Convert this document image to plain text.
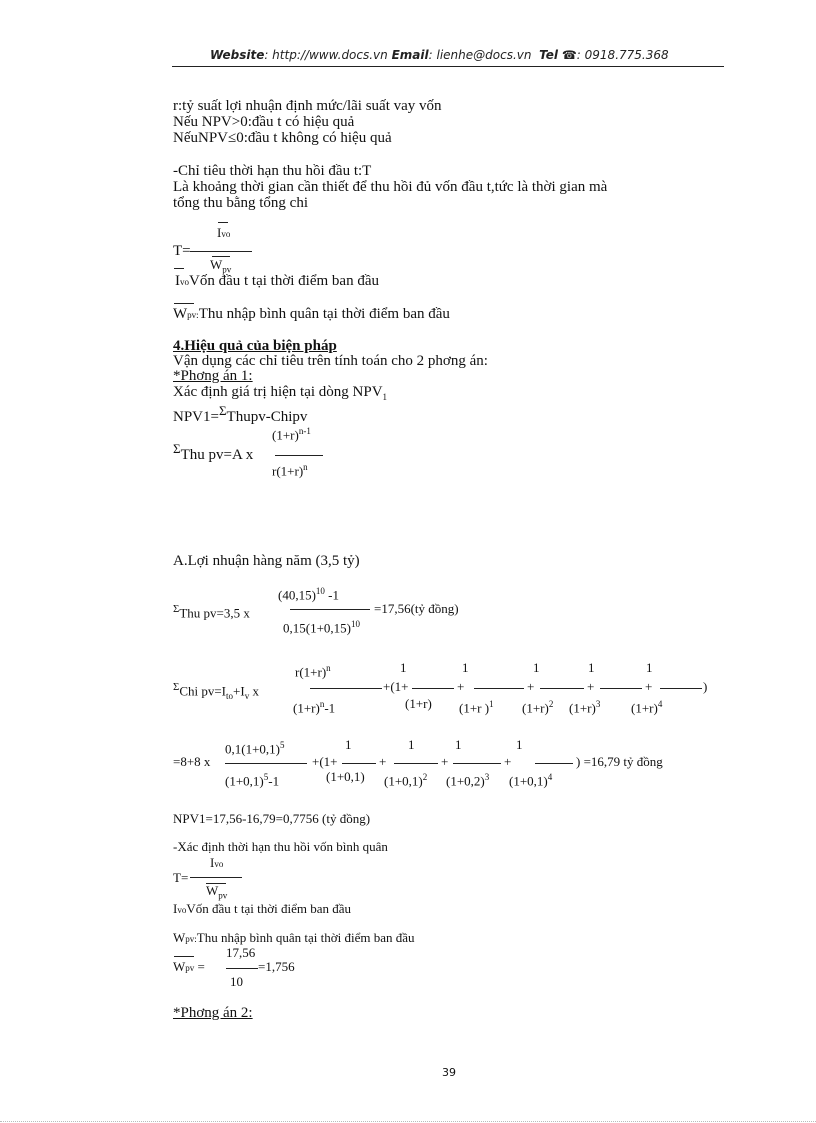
Website: http://www.docs.vn Email: lienhe@docs.vn Tel ☎: 0918.775.368
r:tỷ suất lợi nhuận định mức/lãi suất vay vốn
Nếu NPV>0:đầu t có hiệu quả
NếuNPV≤0:đầu t không có hiệu quả
-Chỉ tiêu thời hạn thu hồi đầu t:T
Là khoảng thời gian cần thiết để thu hồi đủ vốn đầu t,tức là thời gian mà
tổng thu bằng tổng chi
Ivo
T=
$W_{pv}$
IvoVốn đầu t tại thời điểm ban đầu
Wpv:Thu nhập bình quân tại thời điểm ban đầu
4.Hiệu quả của biện pháp
Vận dụng các chỉ tiêu trên tính toán cho 2 phơng án:
*Phơng án 1:
Xác định giá trị hiện tại dòng $NPV_1$
NPV1=$^\Sigma$Thupv-Chipv
$(1+r)^{n-1}$
$^\Sigma$Thu pv=A x
$r(1+r)^n$
A.Lợi nhuận hàng năm (3,5 tỷ)
$(40,15)^{10}$ -1
$^\Sigma$Thu pv=3,5 x	=17,56(tỷ đồng)
$0,15(1+0,15)^{10}$
$r(1+r)^n$	1	1	1	1	1
$^\Sigma$Chi $pv=I_{to}+I_v$ x	+(1+	+	+	+	+	)
$(1+r)^n-1$	(1+r) (1+r )$^1$ $(1+r)^2$ $(1+r)^3$ $(1+r)^4$
$0,1(1+0,1)^5$	1	1	1	1
=8+8 x	+(1+	+	+	+	) =16,79 tỷ đồng
$(1+0,1)^5-1$	(1+0,1) $(1+0,1)^2$ $(1+0,2)^3$ $(1+0,1)^4$
NPV1=17,56-16,79=0,7756 (tỷ đồng)
-Xác định thời hạn thu hồi vốn bình quân
Ivo
T=
$W_{pv}$
IvoVốn đầu t tại thời điểm ban đầu
Wpv:Thu nhập bình quân tại thời điểm ban đầu
17,56
Wpv =	=1,756
10
*Phơng án 2:
39
